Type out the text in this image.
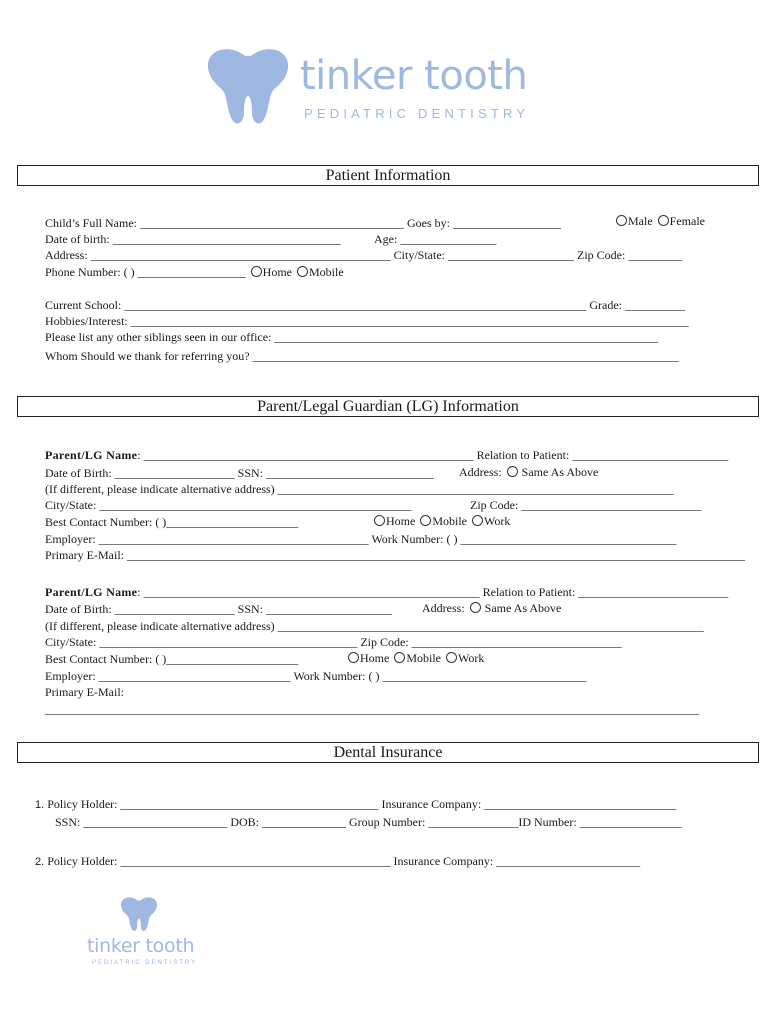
tinker tooth
PEDIATRIC DENTISTRY
Patient Information
Child’s Full Name: ____________________________________________ Goes by: __________________	Male Female
Date of birth: ______________________________________	Age: ________________
Address: __________________________________________________ City/State: _____________________ Zip Code: _________
Phone Number: ( ) __________________ Home Mobile
Current School: _____________________________________________________________________________ Grade: __________
Hobbies/Interest: _____________________________________________________________________________________________
Please list any other siblings seen in our office: ________________________________________________________________
Whom Should we thank for referring you? _______________________________________________________________________
Parent/Legal Guardian (LG) Information
Parent/LG Name: _______________________________________________________ Relation to Patient: __________________________
Date of Birth: ____________________ SSN: ____________________________ Address: Same As Above
(If different, please indicate alternative address) __________________________________________________________________
City/State: ____________________________________________________	Zip Code: ______________________________
Best Contact Number: ( )______________________	Home Mobile Work
Employer: _____________________________________________ Work Number: ( ) ____________________________________
Primary E-Mail: _______________________________________________________________________________________________________
Parent/LG Name: ________________________________________________________ Relation to Patient: _________________________
Date of Birth: ____________________ SSN: _____________________	Address: Same As Above
(If different, please indicate alternative address) _______________________________________________________________________
City/State: ___________________________________________ Zip Code: ___________________________________
Best Contact Number: ( )______________________	Home Mobile Work
Employer: ________________________________ Work Number: ( ) __________________________________
Primary E-Mail:
_____________________________________________________________________________________________________________
Dental Insurance
1. Policy Holder: ___________________________________________ Insurance Company: ________________________________
SSN: ________________________ DOB: ______________ Group Number: _______________ID Number: _________________
2. Policy Holder: _____________________________________________ Insurance Company: ________________________
tinker tooth
PEDIATRIC DENTISTRY
